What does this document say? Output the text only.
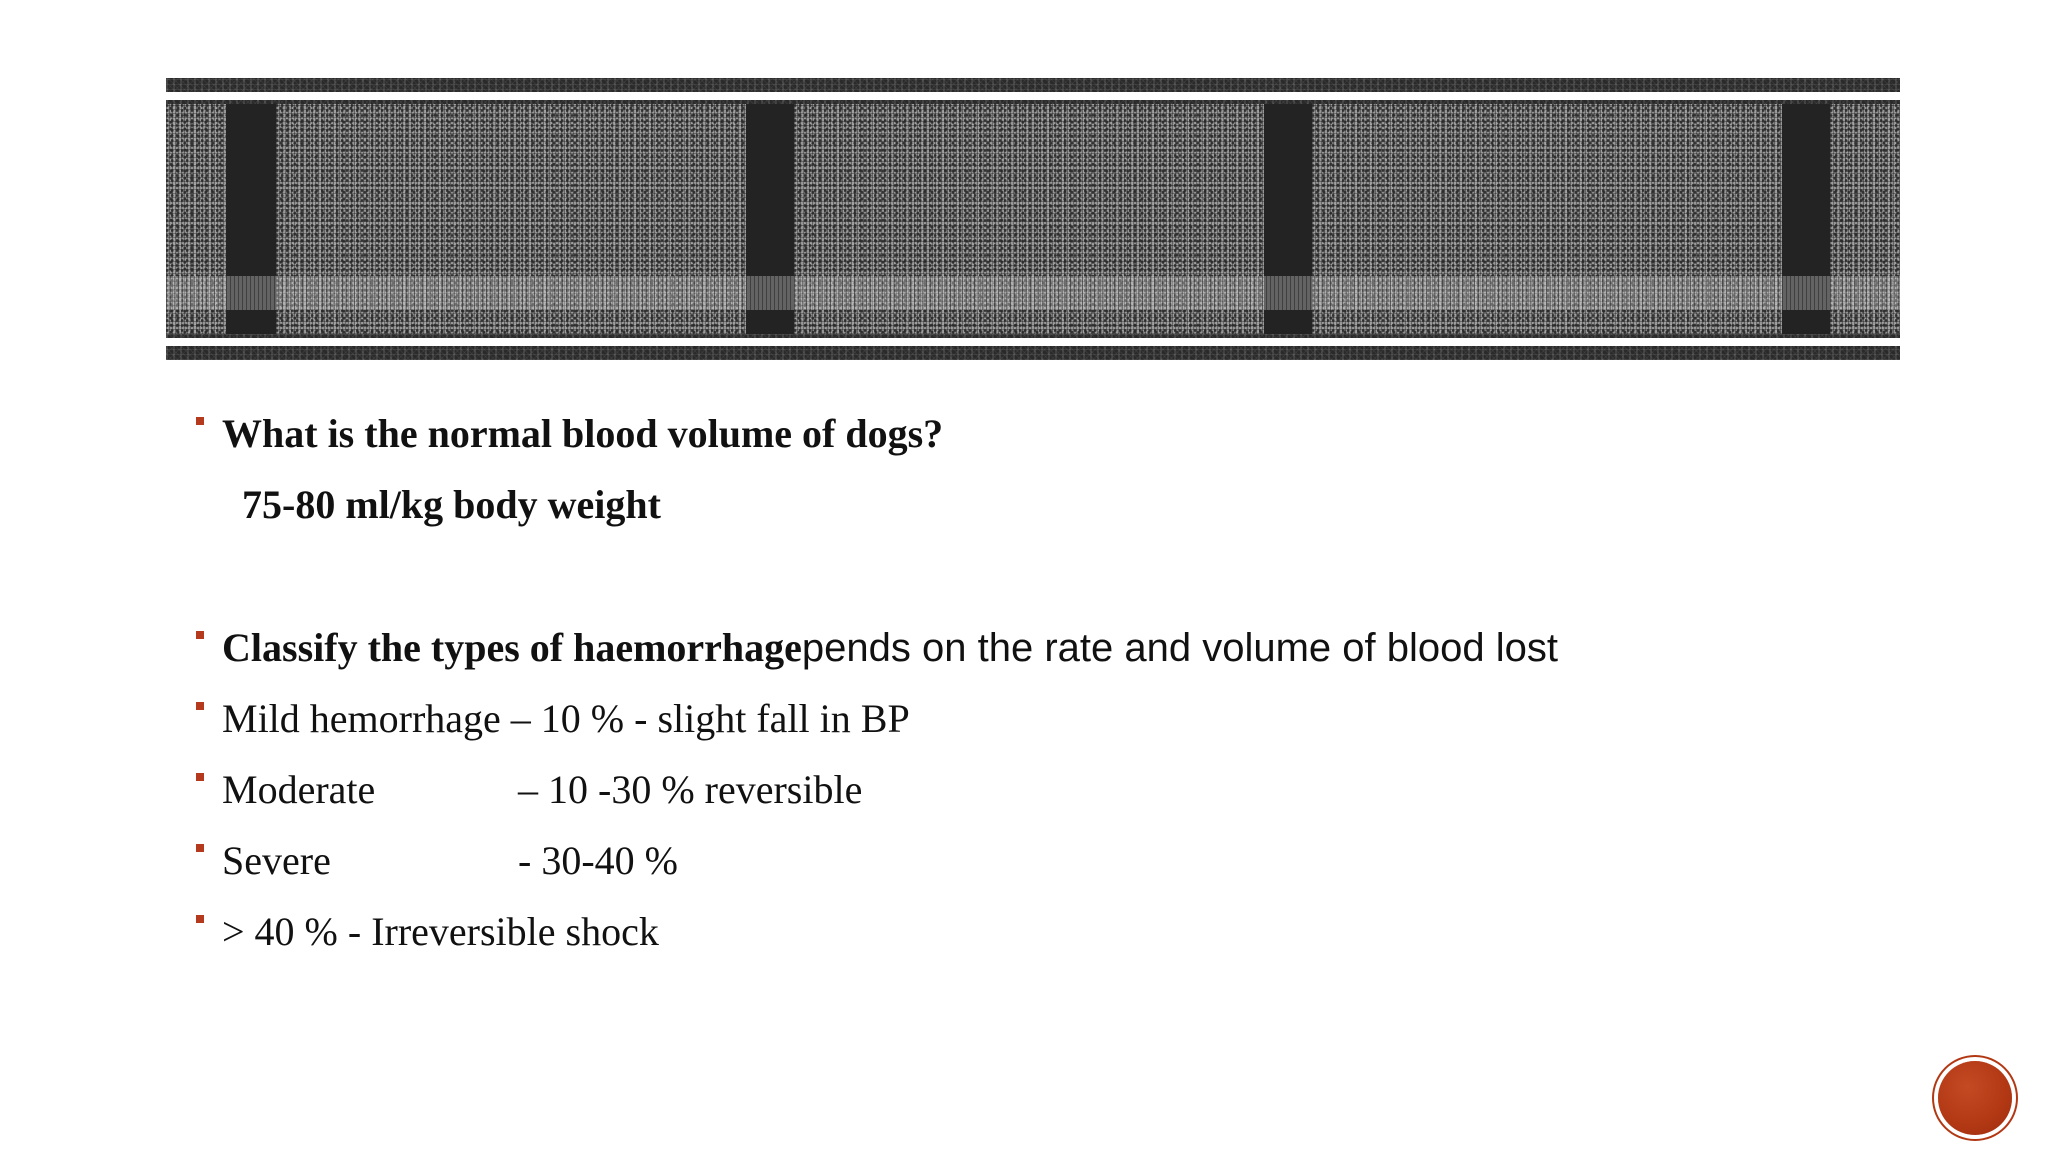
What is the normal blood volume of dogs?
75-80 ml/kg body weight
Classify the types of haemorrhage pends on the rate and volume of blood lost
Mild hemorrhage – 10 % - slight fall in BP
Moderate	– 10 -30 % reversible
Severe	- 30-40 %
> 40 % - Irreversible shock
